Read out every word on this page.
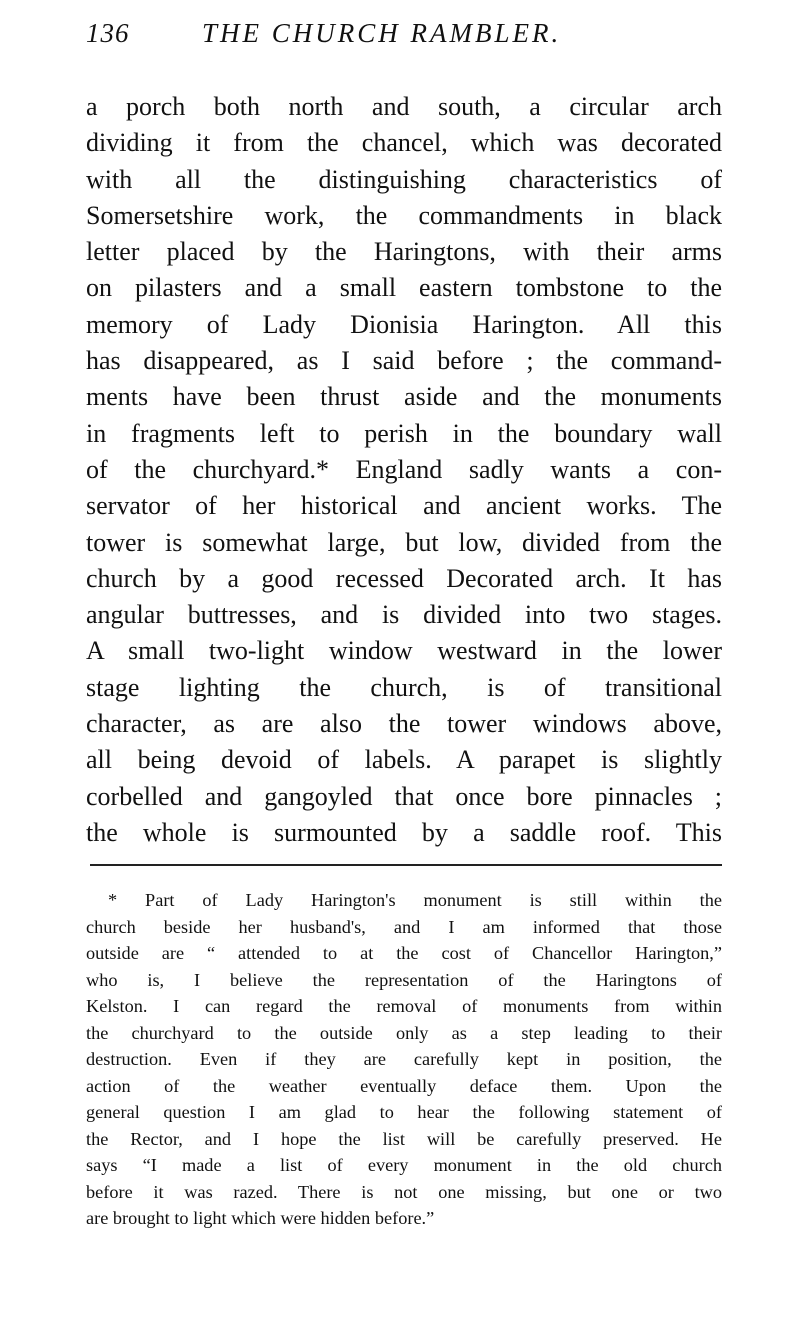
136	THE CHURCH RAMBLER.
a porch both north and south, a circular arch
dividing it from the chancel, which was decorated
with all the distinguishing characteristics of
Somersetshire work, the commandments in black
letter placed by the Haringtons, with their arms
on pilasters and a small eastern tombstone to the
memory of Lady Dionisia Harington. All this
has disappeared, as I said before ; the command-
ments have been thrust aside and the monuments
in fragments left to perish in the boundary wall
of the churchyard.* England sadly wants a con-
servator of her historical and ancient works. The
tower is somewhat large, but low, divided from the
church by a good recessed Decorated arch. It has
angular buttresses, and is divided into two stages.
A small two-light window westward in the lower
stage lighting the church, is of transitional
character, as are also the tower windows above,
all being devoid of labels. A parapet is slightly
corbelled and gangoyled that once bore pinnacles ;
the whole is surmounted by a saddle roof. This
* Part of Lady Harington's monument is still within the
church beside her husband's, and I am informed that those
outside are “ attended to at the cost of Chancellor Harington,”
who is, I believe the representation of the Haringtons of
Kelston. I can regard the removal of monuments from within
the churchyard to the outside only as a step leading to their
destruction. Even if they are carefully kept in position, the
action of the weather eventually deface them. Upon the
general question I am glad to hear the following statement of
the Rector, and I hope the list will be carefully preserved. He
says “I made a list of every monument in the old church
before it was razed. There is not one missing, but one or two
are brought to light which were hidden before.”
